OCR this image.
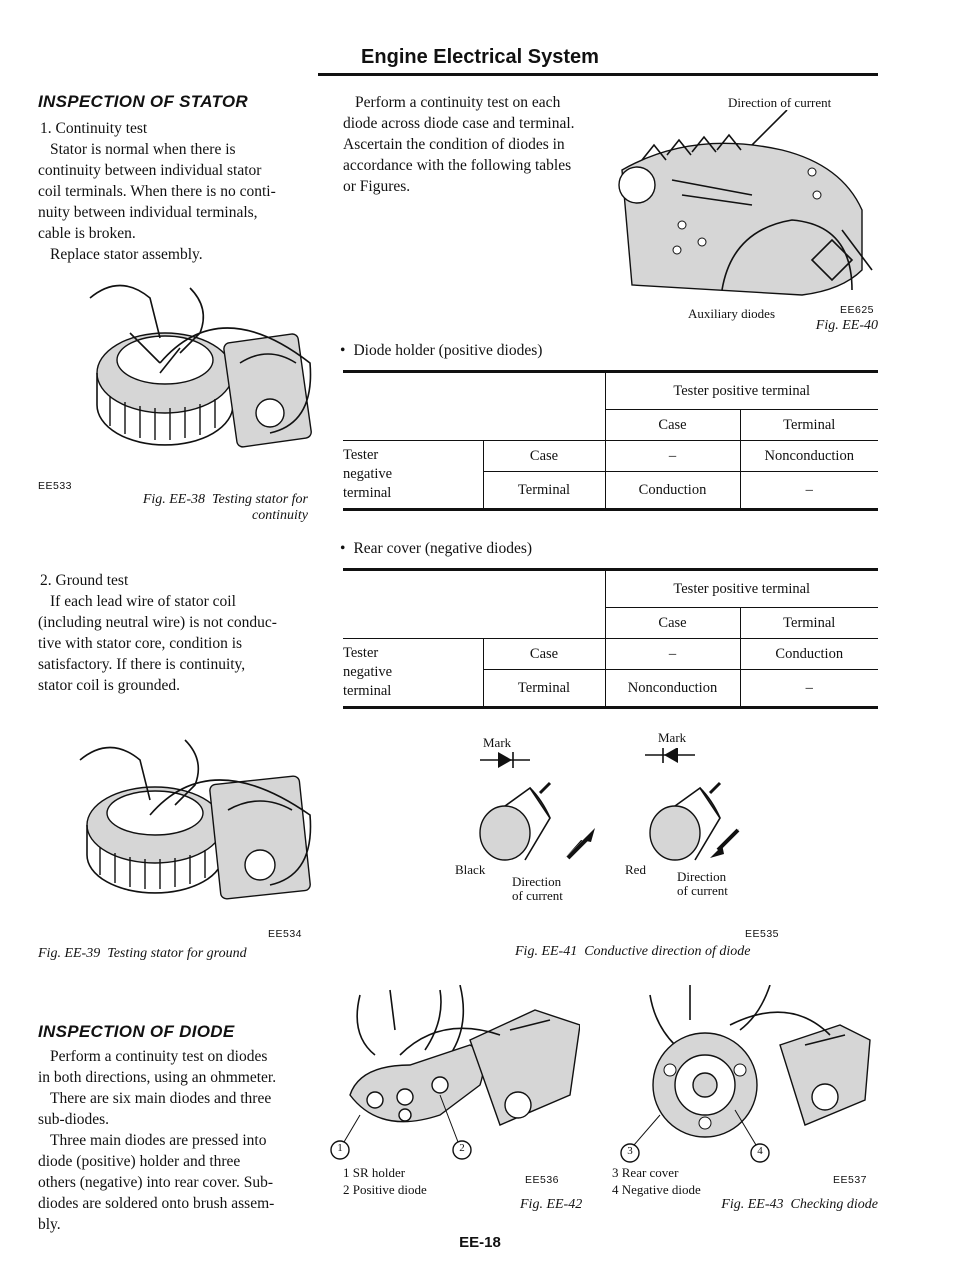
Engine Electrical System
INSPECTION OF STATOR

1. Continuity test

Stator is normal when there is

continuity between individual stator

coil terminals. When there is no conti-

nuity between individual terminals,

cable is broken.

Replace stator assembly.

EE533
Fig. EE-38 Testing stator for
continuity

2. Ground test

If each lead wire of stator coil

(including neutral wire) is not conduc-

tive with stator core, condition is

satisfactory. If there is continuity,

stator coil is grounded.

EE534
Fig. EE-39 Testing stator for ground
INSPECTION OF DIODE

Perform a continuity test on diodes

in both directions, using an ohmmeter.

There are six main diodes and three

sub-diodes.

Three main diodes are pressed into

diode (positive) holder and three

others (negative) into rear cover. Sub-

diodes are soldered onto brush assem-

bly.

Perform a continuity test on each

diode across diode case and terminal.

Ascertain the condition of diodes in

accordance with the following tables

or Figures.

Direction of current
Auxiliary diodes	EE625
Fig. EE-40
• Diode holder (positive diodes)
		Tester positive terminal	
		Case	Terminal
Tester
negative
terminal	Case	–	Nonconduction
	Terminal	Conduction	–
• Rear cover (negative diodes)
		Tester positive terminal	
		Case	Terminal
Tester
negative
terminal	Case	–	Conduction
	Terminal	Nonconduction	–
Mark	Mark
Black
Direction
of current
Red Direction
of current
EE535
Fig. EE-41 Conductive direction of diode
1	2
1 SR holder
2 Positive diode
EE536
Fig. EE-42
3	4
3 Rear cover
4 Negative diode
EE537
Fig. EE-43 Checking diode
EE-18
